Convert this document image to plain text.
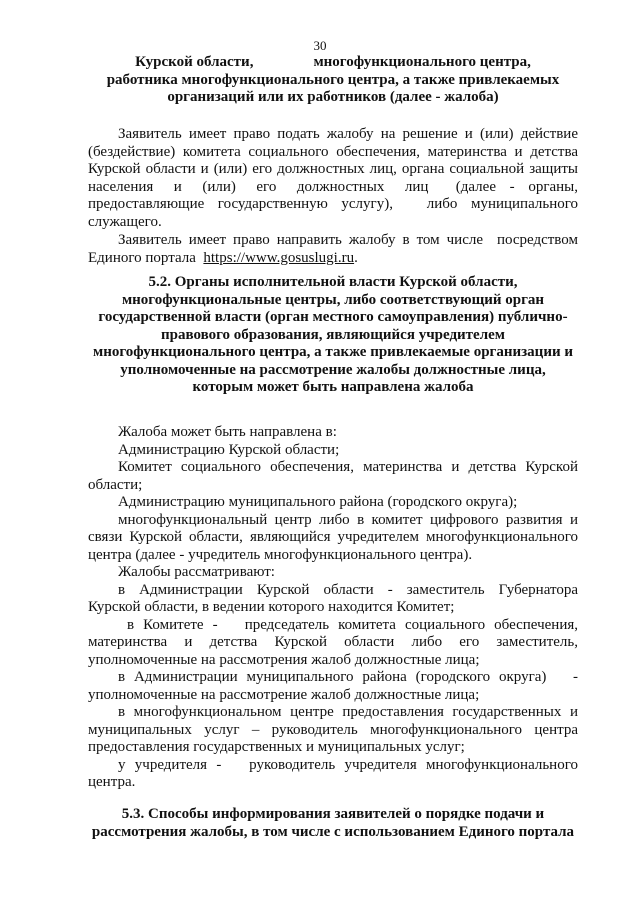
30
Курской области,                многофункционального центра,
работника многофункционального центра, а также привлекаемых
организаций или их работников (далее - жалоба)
Заявитель имеет право подать жалобу на решение и (или) действие
(бездействие) комитета социального обеспечения, материнства и детства
Курской области и (или) его должностных лиц, органа социальной защиты
населения   и   (или)   его   должностных   лиц    (далее  -  органы,
предоставляющие  государственную  услугу),     либо  муниципального
служащего.
Заявитель имеет право направить жалобу в том числе  посредством
Единого портала  https://www.gosuslugi.ru.
5.2. Органы исполнительной власти Курской области,
многофункциональные центры, либо соответствующий орган
государственной власти (орган местного самоуправления) публично-
правового образования, являющийся учредителем
многофункционального центра, а также привлекаемые организации и
уполномоченные на рассмотрение жалобы должностные лица,
которым может быть направлена жалоба
Жалоба может быть направлена в:
Администрацию Курской области;
Комитет социального обеспечения, материнства и детства Курской
области;
Администрацию муниципального района (городского округа);
многофункциональный центр либо в комитет цифрового развития и
связи Курской области, являющийся учредителем многофункционального
центра (далее - учредитель многофункционального центра).
Жалобы рассматривают:
в  Администрации  Курской  области  -  заместитель  Губернатора
Курской области, в ведении которого находится Комитет;
в Комитете -   председатель комитета социального обеспечения,
материнства   и   детства   Курской   области   либо   его   заместитель,
уполномоченные на рассмотрения жалоб должностные лица;
в Администрации муниципального района (городского округа)   -
уполномоченные на рассмотрение жалоб должностные лица;
в многофункциональном центре предоставления государственных и
муниципальных  услуг  –  руководитель  многофункционального  центра
предоставления государственных и муниципальных услуг;
у учредителя -   руководитель учредителя многофункционального
центра.
5.3. Способы информирования заявителей о порядке подачи и
рассмотрения жалобы, в том числе с использованием Единого портала
